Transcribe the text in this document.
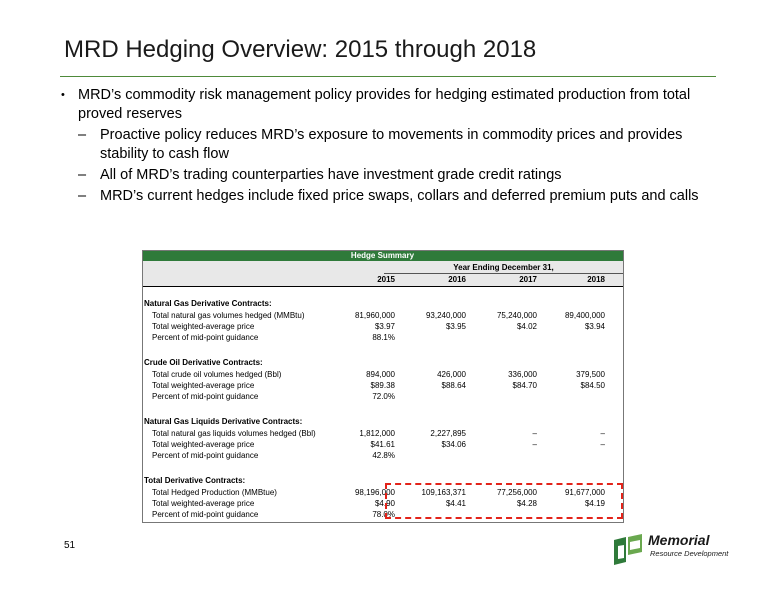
MRD Hedging Overview: 2015 through 2018

• MRD’s commodity risk management policy provides for hedging estimated production from total proved reserves

– Proactive policy reduces MRD’s exposure to movements in commodity prices and provides stability to cash flow

– All of MRD’s trading counterparties have investment grade credit ratings

– MRD’s current hedges include fixed price swaps, collars and deferred premium puts and calls

Hedge Summary
Year Ending December 31,
2015	2016	2017	2018
Natural Gas Derivative Contracts:
Total natural gas volumes hedged (MMBtu)	81,960,000	93,240,000	75,240,000	89,400,000
Total weighted-average price	$3.97	$3.95	$4.02	$3.94
Percent of mid-point guidance	88.1%
Crude Oil Derivative Contracts:
Total crude oil volumes hedged (Bbl)	894,000	426,000	336,000	379,500
Total weighted-average price	$89.38	$88.64	$84.70	$84.50
Percent of mid-point guidance	72.0%
Natural Gas Liquids Derivative Contracts:
Total natural gas liquids volumes hedged (Bbl)	1,812,000	2,227,895	–	–
Total weighted-average price	$41.61	$34.06	–	–
Percent of mid-point guidance	42.8%
Total Derivative Contracts:
Total Hedged Production (MMBtue)	98,196,000	109,163,371	77,256,000	91,677,000
Total weighted-average price	$4.90	$4.41	$4.28	$4.19
Percent of mid-point guidance	78.0%
51	Memorial
Resource Development
